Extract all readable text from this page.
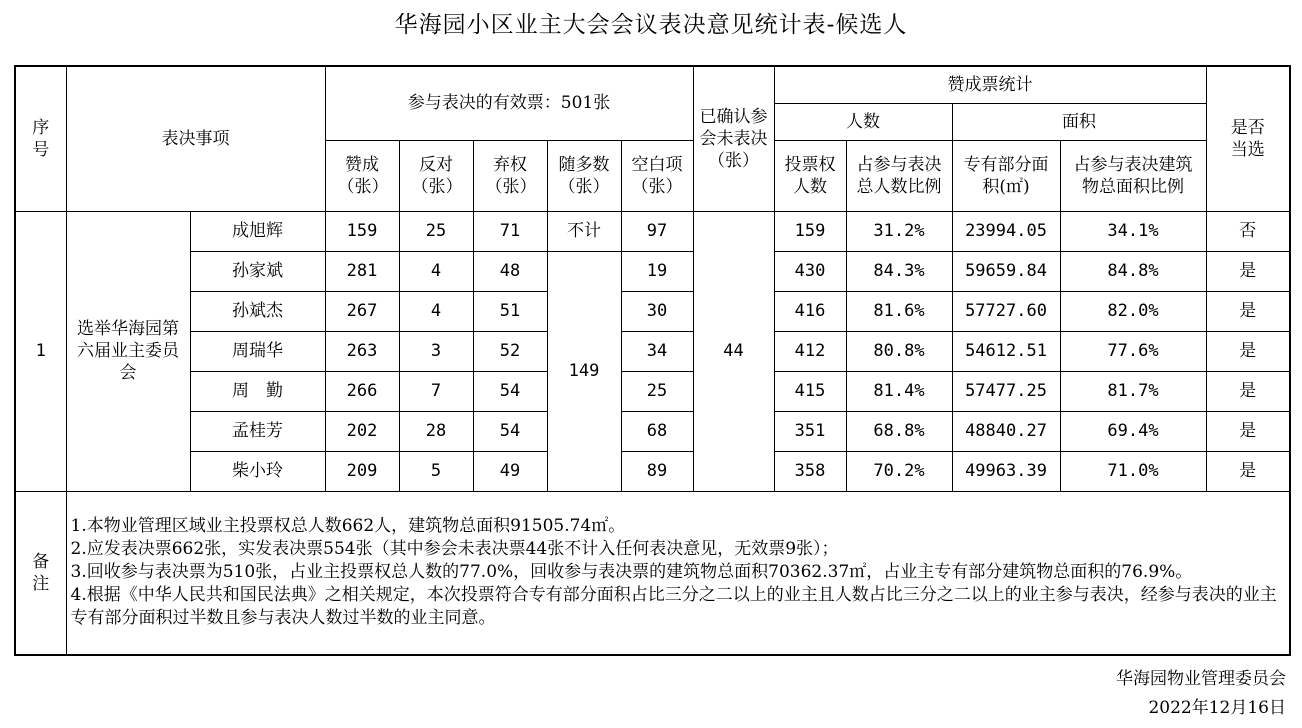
华海园小区业主大会会议表决意见统计表-候选人
序号	表决事项		参与表决的有效票：501张					已确认参会未表决（张）	赞成票统计				是否当选
									人数		面积		
			赞成（张）	反对（张）	弃权（张）	随多数（张）	空白项（张）		投票权人数	占参与表决总人数比例	专有部分面积(㎡)	占参与表决建筑物总面积比例	
1	选举华海园第六届业主委员会	成旭辉	159	25	71	不计	97	44	159	31.2%	23994.05	34.1%	否
		孙家斌	281	4	48	149	19		430	84.3%	59659.84	84.8%	是
		孙斌杰	267	4	51		30		416	81.6%	57727.60	82.0%	是
		周瑞华	263	3	52		34		412	80.8%	54612.51	77.6%	是
		周　勤	266	7	54		25		415	81.4%	57477.25	81.7%	是
		孟桂芳	202	28	54		68		351	68.8%	48840.27	69.4%	是
		柴小玲	209	5	49		89		358	70.2%	49963.39	71.0%	是
备注	1.本物业管理区域业主投票权总人数662人，建筑物总面积91505.74㎡。
2.应发表决票662张，实发表决票554张（其中参会未表决票44张不计入任何表决意见，无效票9张）；
3.回收参与表决票为510张，占业主投票权总人数的77.0%，回收参与表决票的建筑物总面积70362.37㎡，占业主专有部分建筑物总面积的76.9%。
4.根据《中华人民共和国民法典》之相关规定，本次投票符合专有部分面积占比三分之二以上的业主且人数占比三分之二以上的业主参与表决，经参与表决的业主专有部分面积过半数且参与表决人数过半数的业主同意。												
华海园物业管理委员会
2022年12月16日
